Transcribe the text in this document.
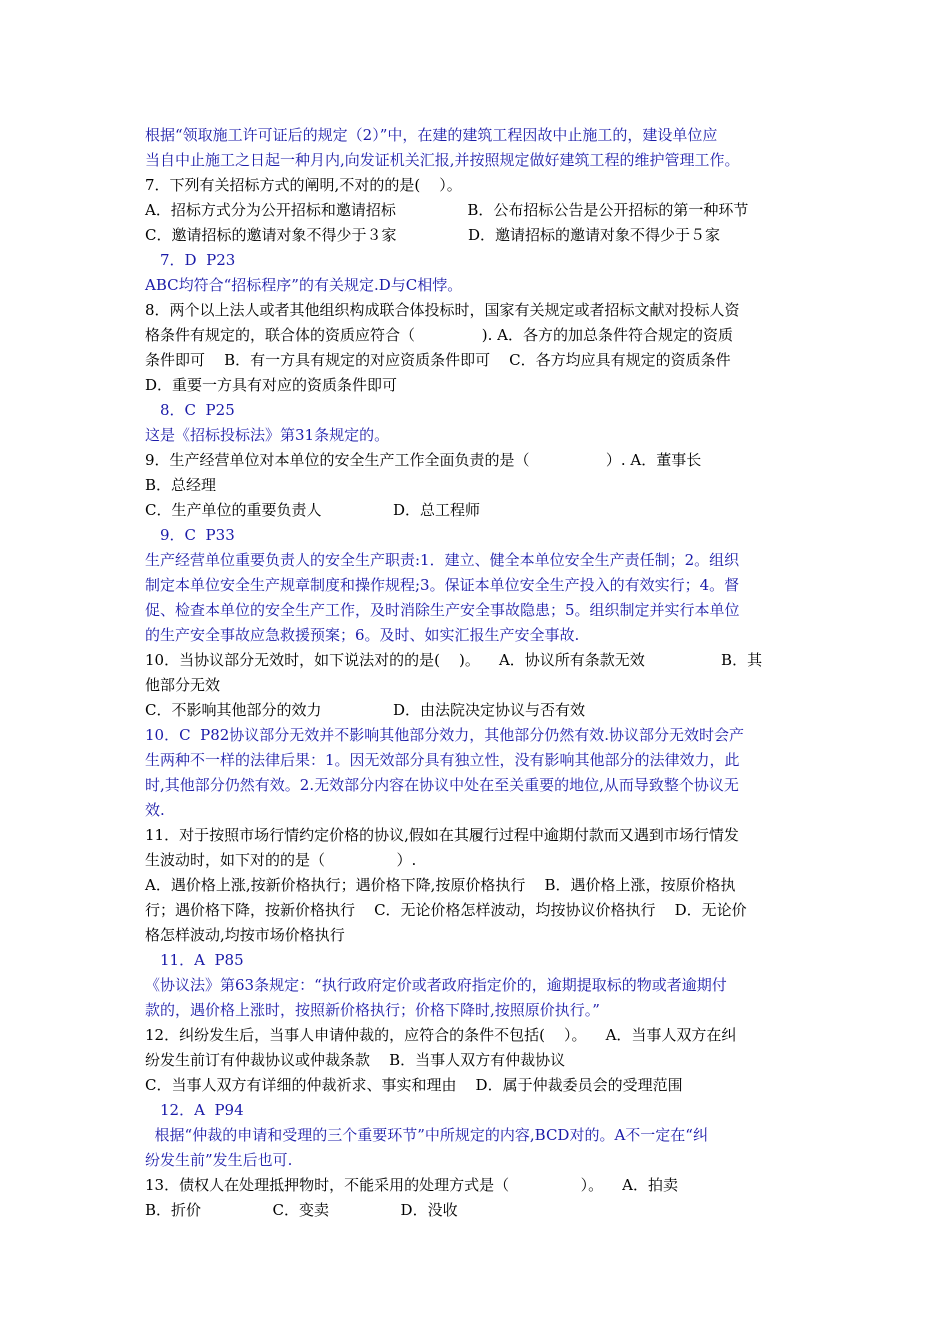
根据“领取施工许可证后的规定（2）”中，在建的建筑工程因故中止施工的，建设单位应
当自中止施工之日起一种月内,向发证机关汇报,并按照规定做好建筑工程的维护管理工作。
7．下列有关招标方式的阐明,不对的的是(    ）。
A．招标方式分为公开招标和邀请招标               B．公布招标公告是公开招标的第一种环节
C．邀请招标的邀请对象不得少于３家               D．邀请招标的邀请对象不得少于５家
7．D  P23
ABC均符合“招标程序”的有关规定.D与C相悖。
8．两个以上法人或者其他组织构成联合体投标时，国家有关规定或者招标文献对投标人资
格条件有规定的，联合体的资质应符合（              ). A．各方的加总条件符合规定的资质
条件即可    B．有一方具有规定的对应资质条件即可    C．各方均应具有规定的资质条件
D．重要一方具有对应的资质条件即可
8．C  P25
这是《招标投标法》第31条规定的。
9．生产经营单位对本单位的安全生产工作全面负责的是（                ）. A．董事长
B．总经理
C．生产单位的重要负责人               D．总工程师
9．C  P33
生产经营单位重要负责人的安全生产职责:1．建立、健全本单位安全生产责任制；2。组织
制定本单位安全生产规章制度和操作规程;3。保证本单位安全生产投入的有效实行；4。督
促、检查本单位的安全生产工作，及时消除生产安全事故隐患；5。组织制定并实行本单位
的生产安全事故应急救援预案；6。及时、如实汇报生产安全事故.
10．当协议部分无效时，如下说法对的的是(    )。    A．协议所有条款无效                B．其
他部分无效
C．不影响其他部分的效力               D．由法院决定协议与否有效
10．C  P82协议部分无效并不影响其他部分效力，其他部分仍然有效.协议部分无效时会产
生两种不一样的法律后果：1。因无效部分具有独立性，没有影响其他部分的法律效力，此
时,其他部分仍然有效。2.无效部分内容在协议中处在至关重要的地位,从而导致整个协议无
效.
11．对于按照市场行情约定价格的协议,假如在其履行过程中逾期付款而又遇到市场行情发
生波动时，如下对的的是（               ）.
A．遇价格上涨,按新价格执行；遇价格下降,按原价格执行    B．遇价格上涨，按原价格执
行；遇价格下降，按新价格执行    C．无论价格怎样波动，均按协议价格执行    D．无论价
格怎样波动,均按市场价格执行
11．A  P85
《协议法》第63条规定：“执行政府定价或者政府指定价的，逾期提取标的物或者逾期付
款的，遇价格上涨时，按照新价格执行；价格下降时,按照原价执行。”
12．纠纷发生后，当事人申请仲裁的，应符合的条件不包括(    ）。    A．当事人双方在纠
纷发生前订有仲裁协议或仲裁条款    B．当事人双方有仲裁协议
C．当事人双方有详细的仲裁祈求、事实和理由    D．属于仲裁委员会的受理范围
12．A  P94
根据“仲裁的申请和受理的三个重要环节”中所规定的内容,BCD对的。A不一定在“纠
纷发生前”发生后也可.
13．债权人在处理抵押物时，不能采用的处理方式是（               ）。    A．拍卖
B．折价               C．变卖               D．没收
